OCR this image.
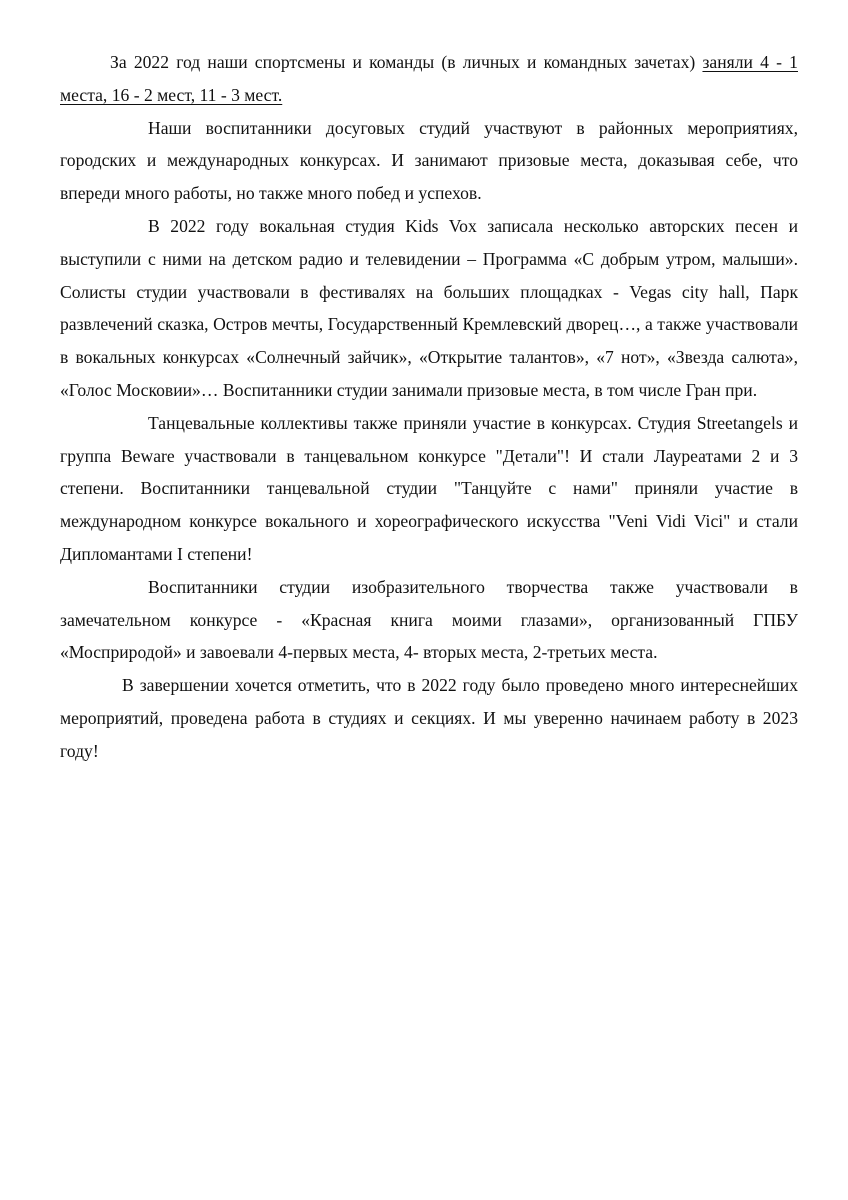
За 2022 год наши спортсмены и команды (в личных и командных зачетах) заняли 4 - 1 места, 16 - 2 мест, 11 - 3 мест.

Наши воспитанники досуговых студий участвуют в районных мероприятиях, городских и международных конкурсах. И занимают призовые места, доказывая себе, что впереди много работы, но также много побед и успехов.

В 2022 году вокальная студия Kids Vox записала несколько авторских песен и выступили с ними на детском радио и телевидении – Программа «С добрым утром, малыши». Солисты студии участвовали в фестивалях на больших площадках - Vegas city hall, Парк развлечений сказка, Остров мечты, Государственный Кремлевский дворец…, а также участвовали в вокальных конкурсах «Солнечный зайчик», «Открытие талантов», «7 нот», «Звезда салюта», «Голос Московии»… Воспитанники студии занимали призовые места, в том числе Гран при.

Танцевальные коллективы также приняли участие в конкурсах. Студия Streetangels и группа Beware участвовали в танцевальном конкурсе "Детали"! И стали Лауреатами 2 и 3 степени. Воспитанники танцевальной студии "Танцуйте с нами" приняли участие в международном конкурсе вокального и хореографического искусства "Veni Vidi Vici" и стали Дипломантами I степени!

Воспитанники студии изобразительного творчества также участвовали в замечательном конкурсе - «Красная книга моими глазами», организованный ГПБУ «Мосприродой» и завоевали 4-первых места, 4- вторых места, 2-третьих места.

В завершении хочется отметить, что в 2022 году было проведено много интереснейших мероприятий, проведена работа в студиях и секциях. И мы уверенно начинаем работу в 2023 году!
